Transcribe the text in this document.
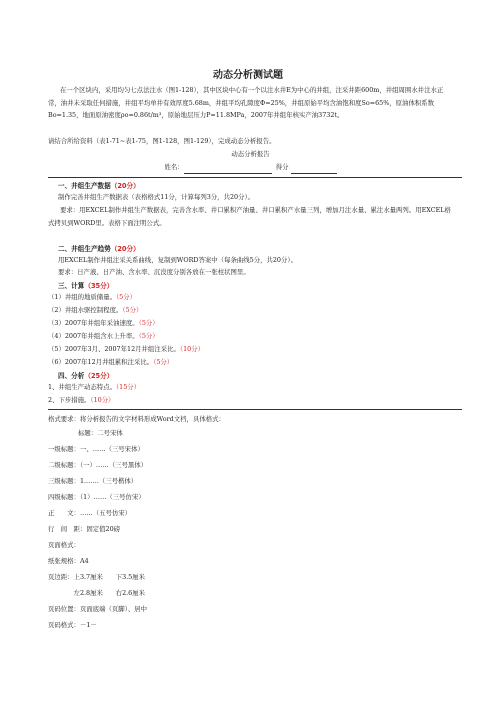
动态分析测试题
在一个区块内，采用均匀七点法注水（图1-128），其中区块中心有一个以注水井E为中心的井组，注采井距600m，井组周围水井注水正常，油井未采取任何措施，井组平均单井有效厚度5.68m，井组平均孔隙度Φ=25%，井组原始平均含油饱和度So=65%，原油体积系数Bo=1.35，地面原油密度ρo=0.86t/m³，原始地层压力P=11.8MPa，2007年井组年核实产油3732t。
请结合所给资料（表1-71~表1-75，图1-128，图1-129），完成动态分析报告。
动态分析报告
姓名：	得分
一、井组生产数据（20分）
制作完善井组生产数据表（表格格式11分，计算每列3分，共20分）。
要求：用EXCEL制作井组生产数据表，完善含水率、井口累积产油量、井口累积产水量三列，增加月注水量、累注水量两列。用EXCEL格式拷贝到WORD里。表格下面注明公式。
二、井组生产趋势（20分）
用EXCEL制作井组注采关系曲线，复制到WORD答案中（每条曲线5分，共20分）。
要求：日产液、日产油、含水率、沉没度分别各放在一张柱状图里。
三、计算（35分）
（1）井组的地质储量。（5分）
（2）井组水驱控制程度。（5分）
（3）2007年井组年采油速度。（5分）
（4）2007年井组含水上升率。（5分）
（5）2007年3月、2007年12月井组注采比。（10分）
（6）2007年12月井组累积注采比。（5分）
四、分析（25分）
1、井组生产动态特点。（15分）
2、下步措施。（10分）
格式要求：将分析报告的文字材料形成Word文档，具体格式：
标题：二号宋体
一级标题：一、……（三号宋体）
二级标题：（一）……（三号黑体）
三级标题：1.……（三号楷体）
四级标题：（1）……（三号仿宋）
正　　文：……（五号仿宋）
行　间　距：固定值20磅
页面格式：
纸张规格：A4
页边距：上3.7厘米　　下3.5厘米
　　　　左2.8厘米　　右2.6厘米
页码位置：页面底端（页脚）、居中
页码格式：－1－
